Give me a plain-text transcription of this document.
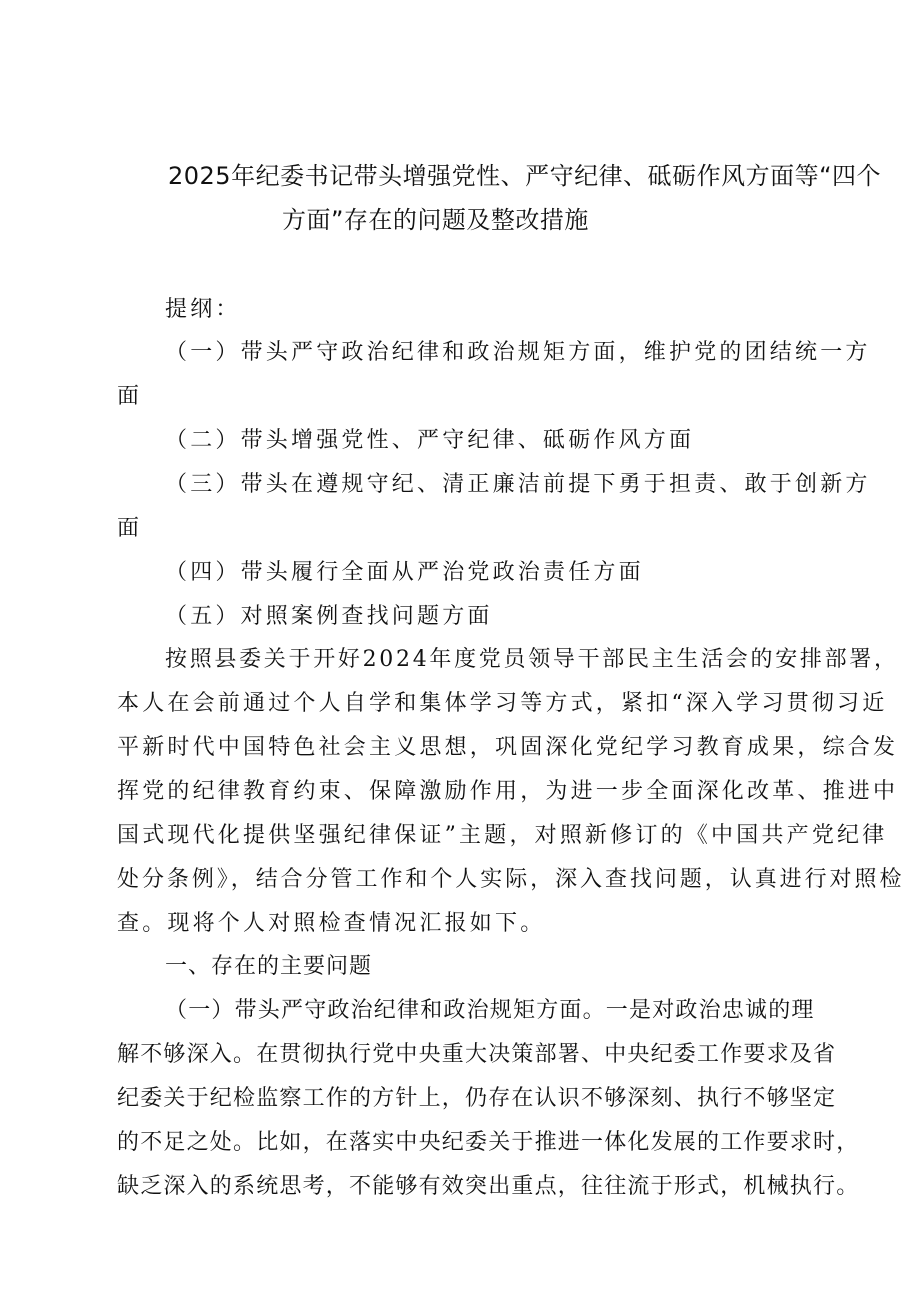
2025年纪委书记带头增强党性、严守纪律、砥砺作风方面等“四个
方面”存在的问题及整改措施
提纲：
（一）带头严守政治纪律和政治规矩方面，维护党的团结统一方
面
（二）带头增强党性、严守纪律、砥砺作风方面
（三）带头在遵规守纪、清正廉洁前提下勇于担责、敢于创新方
面
（四）带头履行全面从严治党政治责任方面
（五）对照案例查找问题方面
按照县委关于开好2024年度党员领导干部民主生活会的安排部署，
本人在会前通过个人自学和集体学习等方式，紧扣“深入学习贯彻习近
平新时代中国特色社会主义思想，巩固深化党纪学习教育成果，综合发
挥党的纪律教育约束、保障激励作用，为进一步全面深化改革、推进中
国式现代化提供坚强纪律保证”主题，对照新修订的《中国共产党纪律
处分条例》，结合分管工作和个人实际，深入查找问题，认真进行对照检
查。现将个人对照检查情况汇报如下。
一、存在的主要问题
（一）带头严守政治纪律和政治规矩方面。一是对政治忠诚的理
解不够深入。在贯彻执行党中央重大决策部署、中央纪委工作要求及省
纪委关于纪检监察工作的方针上，仍存在认识不够深刻、执行不够坚定
的不足之处。比如，在落实中央纪委关于推进一体化发展的工作要求时，
缺乏深入的系统思考，不能够有效突出重点，往往流于形式，机械执行。
